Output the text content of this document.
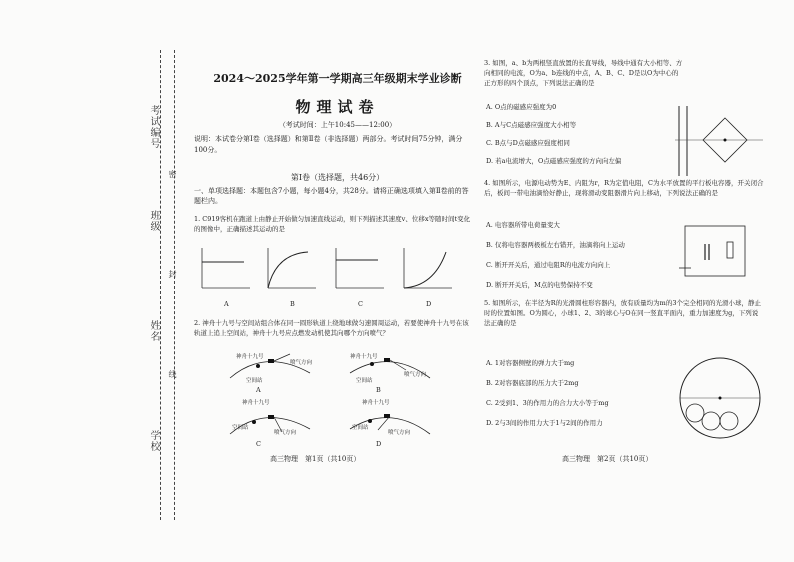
考试编号
姓名
学校
班级
密
封
线
2024～2025学年第一学期高三年级期末学业诊断
物理试卷
（考试时间：上午10:45——12:00）
说明：本试卷分第Ⅰ卷（选择题）和第Ⅱ卷（非选择题）两部分。考试时间75分钟，满分100分。
第Ⅰ卷（选择题，共46分）
一、单项选择题：本题包含7小题，每小题4分，共28分。请将正确选项填入第Ⅱ卷前的答题栏内。
1. C919客机在跑道上由静止开始做匀加速直线运动，则下列描述其速度v、位移x等随时间t变化的图像中，正确描述其运动的是
A	B	C	D
2. 神舟十九号与空间站组合体在同一圆形轨道上绕地球做匀速圆周运动，若要使神舟十九号在该轨道上追上空间站，神舟十九号应点燃发动机使其向哪个方向喷气？
神舟十九号
喷气方向
空间站
A
神舟十九号
喷气方向
空间站
B
神舟十九号
空间站
喷气方向
C
神舟十九号
空间站
喷气方向
D
高三物理　第1页（共10页）
3. 如图，a、b为两根竖直放置的长直导线，导线中通有大小相等、方向相同的电流，O为a、b连线的中点，A、B、C、D是以O为中心的正方形的四个顶点，下列说法正确的是
A. O点的磁感应强度为0
B. A与C点磁感应强度大小相等
C. B点与D点磁感应强度相同
D. 若a电流增大，O点磁感应强度的方向向左偏
4. 如图所示，电源电动势为E、内阻为r，R为定值电阻，C为水平放置的平行板电容器，开关闭合后，板间一带电油滴恰好静止，现将滑动变阻器滑片向上移动，下列说法正确的是
A. 电容器所带电荷量变大
B. 仅将电容器两极板左右错开，油滴将向上运动
C. 断开开关后，通过电阻R的电流方向向上
D. 断开开关后，M点的电势保持不变
5. 如图所示，在半径为R的光滑圆柱形容器内，放有质量均为m的3个完全相同的光滑小球，静止时的位置如图。O为圆心，小球1、2、3的球心与O在同一竖直平面内，重力加速度为g，下列说法正确的是
A. 1对容器侧壁的弹力大于mg
B. 2对容器底部的压力大于2mg
C. 2受到1、3的作用力的合力大小等于mg
D. 2与3间的作用力大于1与2间的作用力
高三物理　第2页（共10页）
